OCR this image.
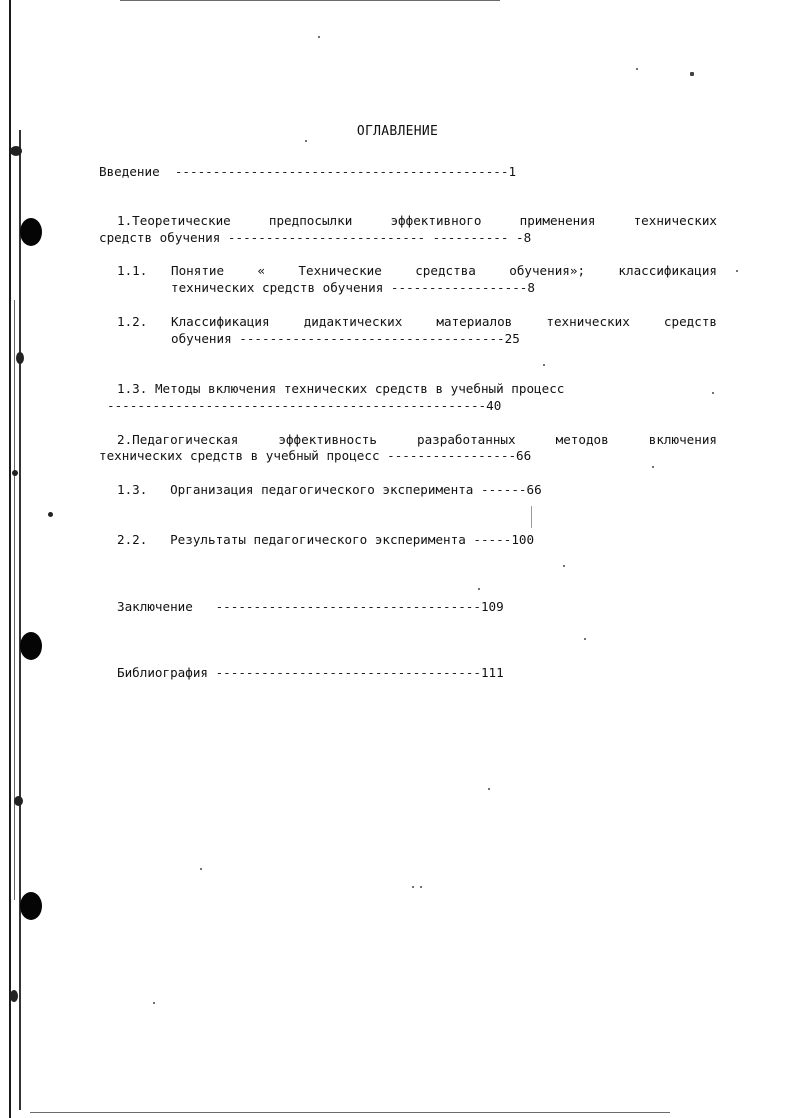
ОГЛАВЛЕНИЕ
Введение --------------------------------------------1
1.Теоретические предпосылки эффективного применения технических
средств обучения -------------------------- ---------- -8
1.1. Понятие « Технические средства обучения»; классификация
технических средств обучения ------------------8
1.2. Классификация дидактических материалов технических средств
обучения -----------------------------------25
1.3. Методы включения технических средств в учебный процесс
--------------------------------------------------40
2.Педагогическая эффективность разработанных методов включения
технических средств в учебный процесс -----------------66
1.3. Организация педагогического эксперимента ------66
2.2. Результаты педагогического эксперимента -----100
Заключение -----------------------------------109
Библиография -----------------------------------111
